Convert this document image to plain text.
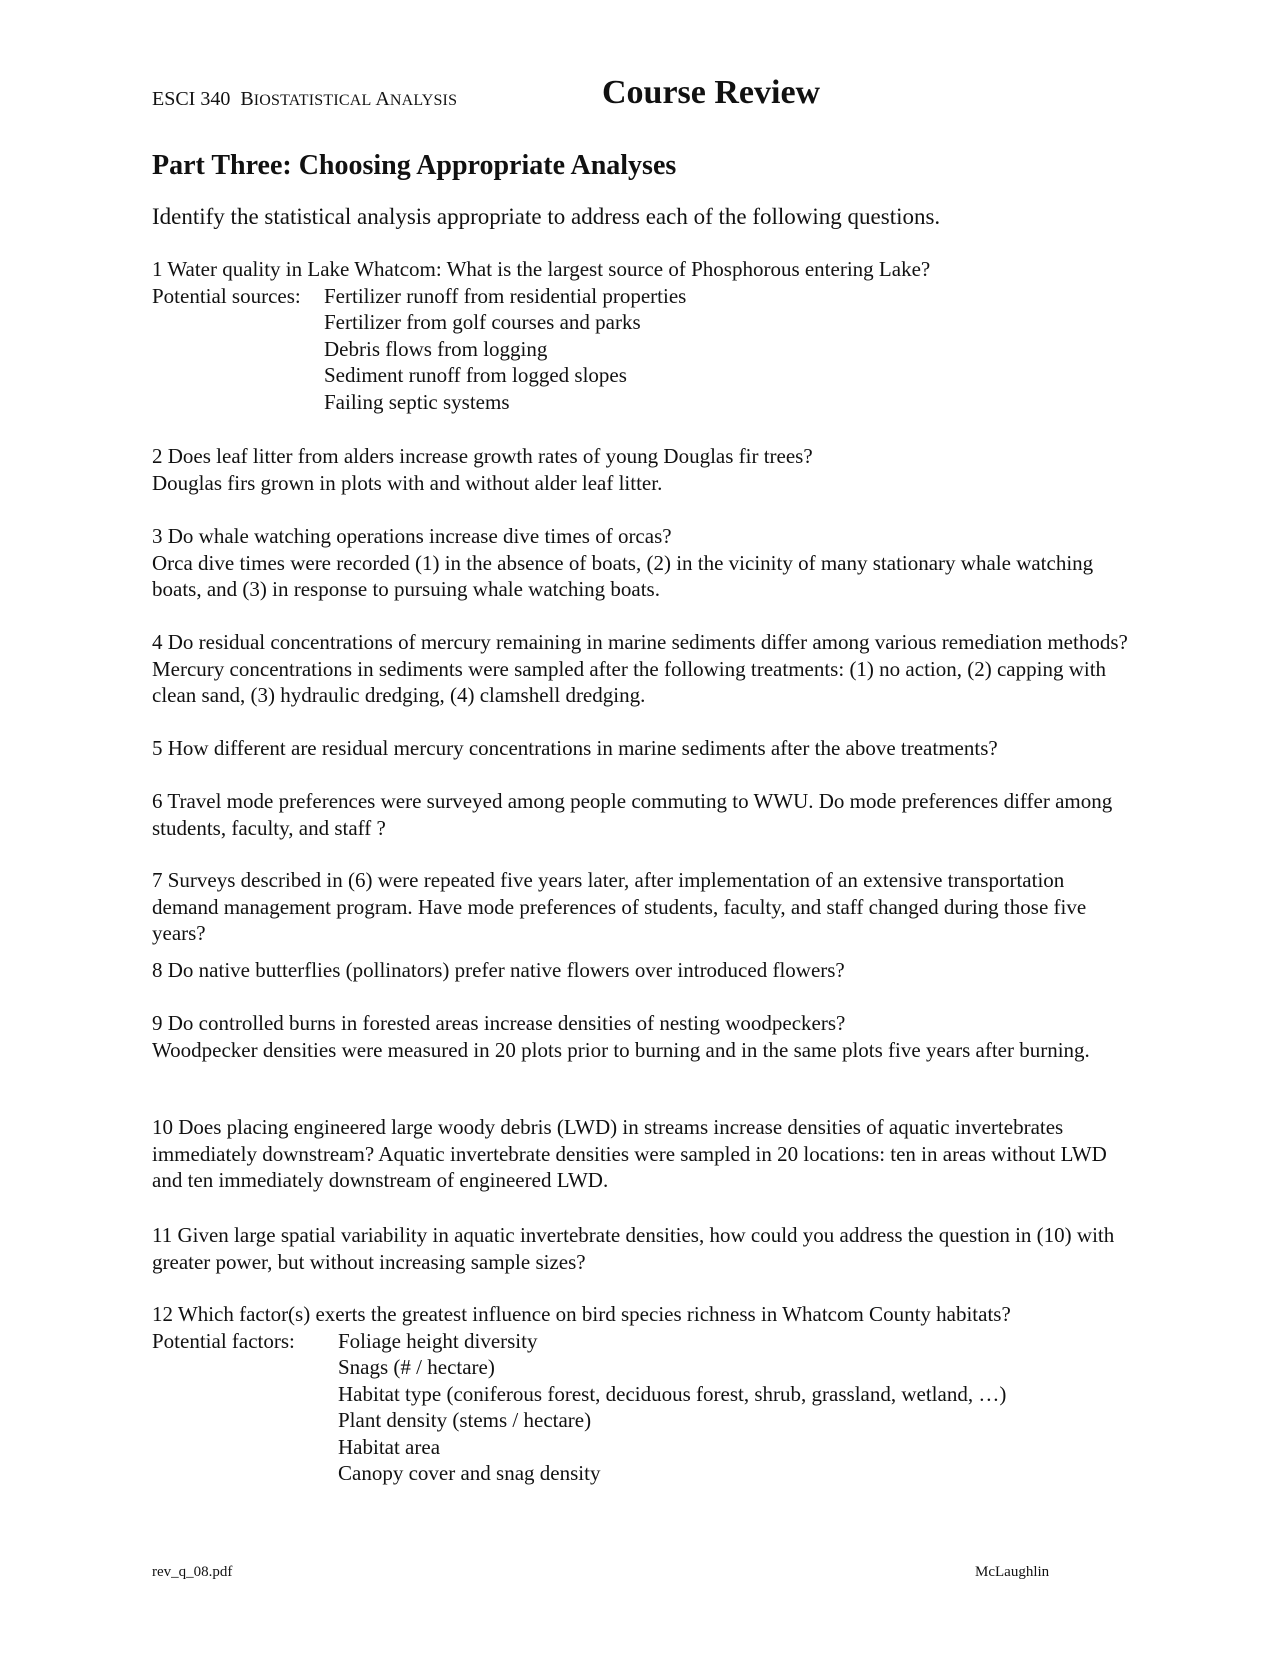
ESCI 340 BIOSTATISTICAL ANALYSIS	Course Review
Part Three: Choosing Appropriate Analyses
Identify the statistical analysis appropriate to address each of the following questions.

1 Water quality in Lake Whatcom: What is the largest source of Phosphorous entering Lake?

Potential sources:	Fertilizer runoff from residential properties
Fertilizer from golf courses and parks
Debris flows from logging
Sediment runoff from logged slopes
Failing septic systems

2 Does leaf litter from alders increase growth rates of young Douglas fir trees?

Douglas firs grown in plots with and without alder leaf litter.

3 Do whale watching operations increase dive times of orcas?

Orca dive times were recorded (1) in the absence of boats, (2) in the vicinity of many stationary whale watching boats, and (3) in response to pursuing whale watching boats.

4 Do residual concentrations of mercury remaining in marine sediments differ among various remediation methods? Mercury concentrations in sediments were sampled after the following treatments: (1) no action, (2) capping with clean sand, (3) hydraulic dredging, (4) clamshell dredging.

5 How different are residual mercury concentrations in marine sediments after the above treatments?

6 Travel mode preferences were surveyed among people commuting to WWU. Do mode preferences differ among students, faculty, and staff ?

7 Surveys described in (6) were repeated five years later, after implementation of an extensive transportation demand management program. Have mode preferences of students, faculty, and staff changed during those five years?

8 Do native butterflies (pollinators) prefer native flowers over introduced flowers?

9 Do controlled burns in forested areas increase densities of nesting woodpeckers?

Woodpecker densities were measured in 20 plots prior to burning and in the same plots five years after burning.

10 Does placing engineered large woody debris (LWD) in streams increase densities of aquatic invertebrates immediately downstream? Aquatic invertebrate densities were sampled in 20 locations: ten in areas without LWD and ten immediately downstream of engineered LWD.

11 Given large spatial variability in aquatic invertebrate densities, how could you address the question in (10) with greater power, but without increasing sample sizes?

12 Which factor(s) exerts the greatest influence on bird species richness in Whatcom County habitats?

Potential factors:	Foliage height diversity
Snags (# / hectare)
Habitat type (coniferous forest, deciduous forest, shrub, grassland, wetland, …)
Plant density (stems / hectare)
Habitat area
Canopy cover and snag density
rev_q_08.pdf	McLaughlin
